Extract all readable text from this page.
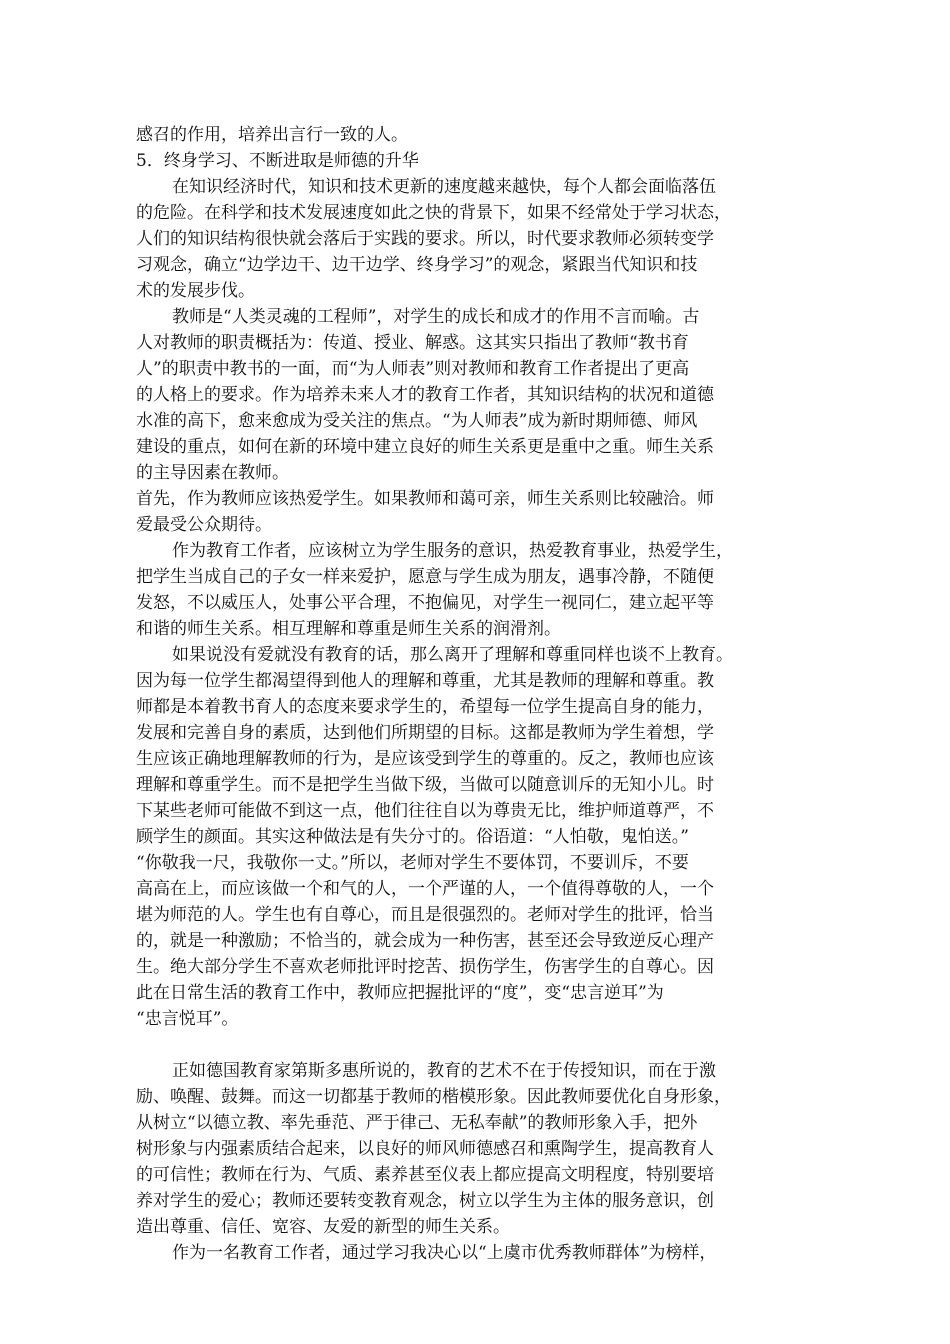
感召的作用，培养出言行一致的人。
5．终身学习、不断进取是师德的升华
在知识经济时代，知识和技术更新的速度越来越快，每个人都会面临落伍
的危险。在科学和技术发展速度如此之快的背景下，如果不经常处于学习状态，
人们的知识结构很快就会落后于实践的要求。所以，时代要求教师必须转变学
习观念，确立“边学边干、边干边学、终身学习”的观念，紧跟当代知识和技
术的发展步伐。
教师是“人类灵魂的工程师”，对学生的成长和成才的作用不言而喻。古
人对教师的职责概括为：传道、授业、解惑。这其实只指出了教师“教书育
人”的职责中教书的一面，而“为人师表”则对教师和教育工作者提出了更高
的人格上的要求。作为培养未来人才的教育工作者，其知识结构的状况和道德
水准的高下，愈来愈成为受关注的焦点。“为人师表”成为新时期师德、师风
建设的重点，如何在新的环境中建立良好的师生关系更是重中之重。师生关系
的主导因素在教师。
首先，作为教师应该热爱学生。如果教师和蔼可亲，师生关系则比较融洽。师
爱最受公众期待。
作为教育工作者，应该树立为学生服务的意识，热爱教育事业，热爱学生，
把学生当成自己的子女一样来爱护，愿意与学生成为朋友，遇事冷静，不随便
发怒，不以威压人，处事公平合理，不抱偏见，对学生一视同仁，建立起平等
和谐的师生关系。相互理解和尊重是师生关系的润滑剂。
如果说没有爱就没有教育的话，那么离开了理解和尊重同样也谈不上教育。
因为每一位学生都渴望得到他人的理解和尊重，尤其是教师的理解和尊重。教
师都是本着教书育人的态度来要求学生的，希望每一位学生提高自身的能力，
发展和完善自身的素质，达到他们所期望的目标。这都是教师为学生着想，学
生应该正确地理解教师的行为，是应该受到学生的尊重的。反之，教师也应该
理解和尊重学生。而不是把学生当做下级，当做可以随意训斥的无知小儿。时
下某些老师可能做不到这一点，他们往往自以为尊贵无比，维护师道尊严，不
顾学生的颜面。其实这种做法是有失分寸的。俗语道：“人怕敬，鬼怕送。”
“你敬我一尺，我敬你一丈。”所以，老师对学生不要体罚，不要训斥，不要
高高在上，而应该做一个和气的人，一个严谨的人，一个值得尊敬的人，一个
堪为师范的人。学生也有自尊心，而且是很强烈的。老师对学生的批评，恰当
的，就是一种激励；不恰当的，就会成为一种伤害，甚至还会导致逆反心理产
生。绝大部分学生不喜欢老师批评时挖苦、损伤学生，伤害学生的自尊心。因
此在日常生活的教育工作中，教师应把握批评的“度”，变“忠言逆耳”为
“忠言悦耳”。
正如德国教育家第斯多惠所说的，教育的艺术不在于传授知识，而在于激
励、唤醒、鼓舞。而这一切都基于教师的楷模形象。因此教师要优化自身形象，
从树立“以德立教、率先垂范、严于律己、无私奉献”的教师形象入手，把外
树形象与内强素质结合起来，以良好的师风师德感召和熏陶学生，提高教育人
的可信性；教师在行为、气质、素养甚至仪表上都应提高文明程度，特别要培
养对学生的爱心；教师还要转变教育观念，树立以学生为主体的服务意识，创
造出尊重、信任、宽容、友爱的新型的师生关系。
作为一名教育工作者，通过学习我决心以“上虞市优秀教师群体”为榜样，
